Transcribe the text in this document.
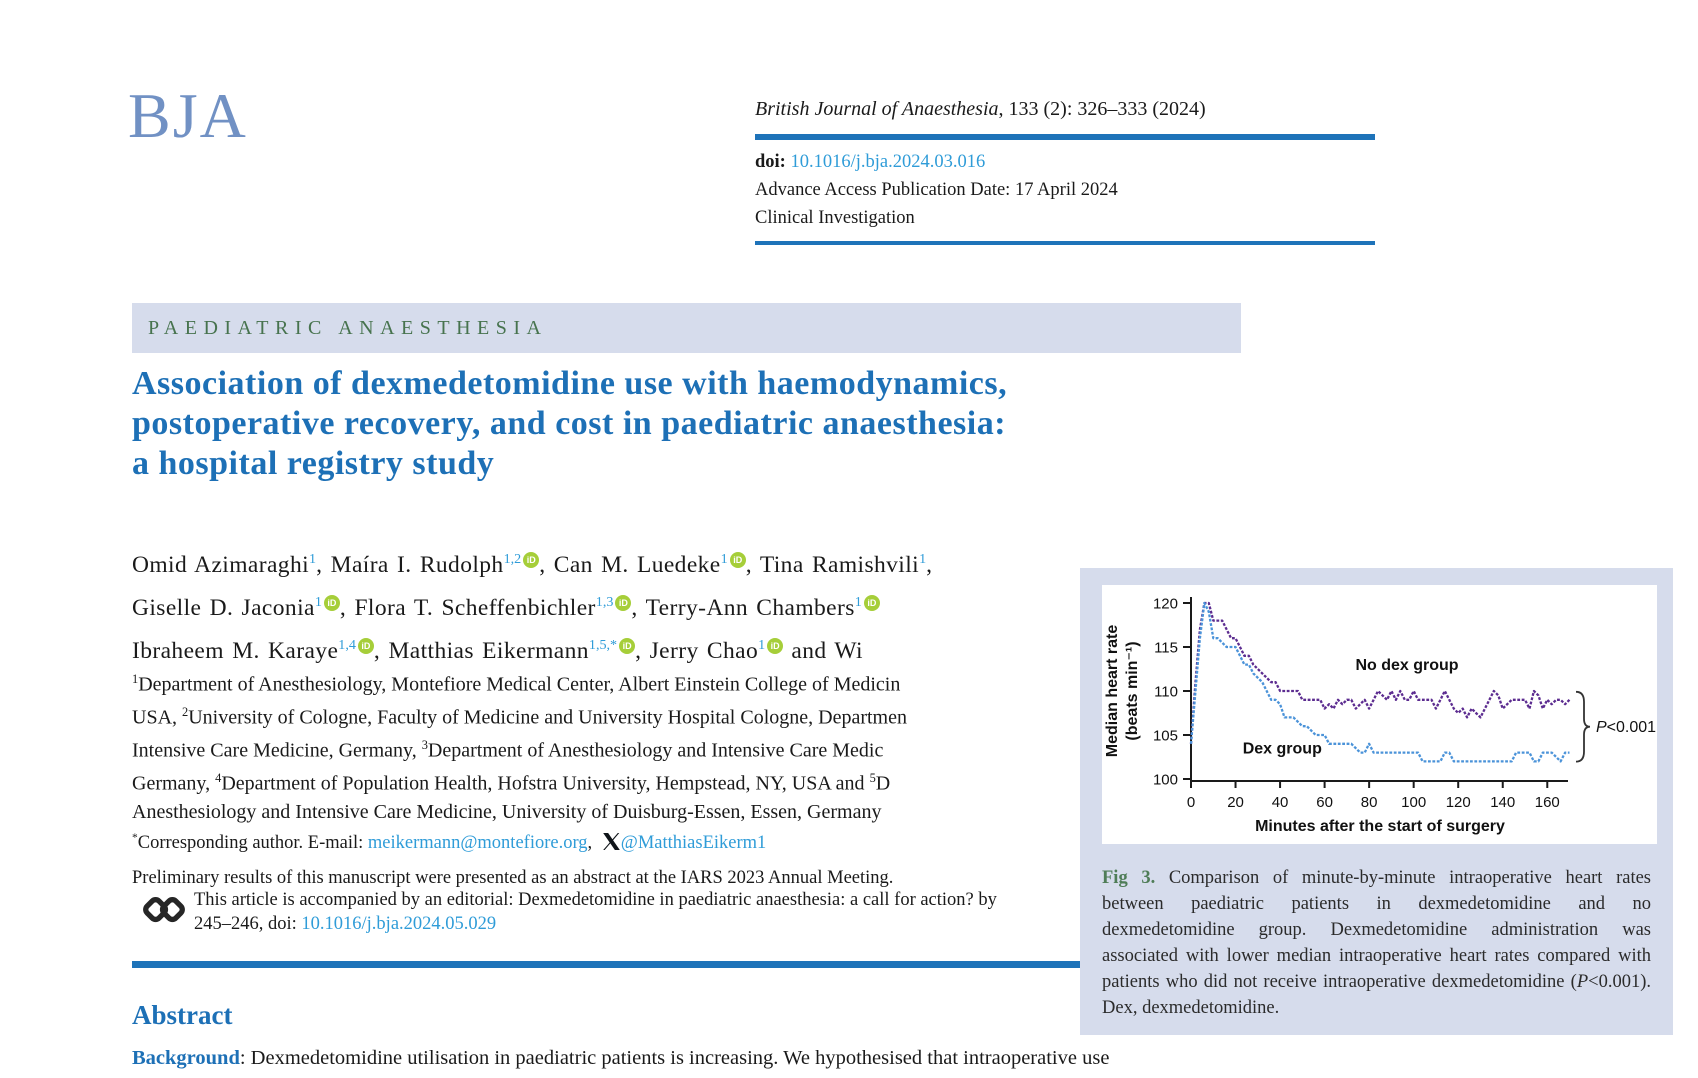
BJA	British Journal of Anaesthesia, 133 (2): 326–333 (2024)
doi: 10.1016/j.bja.2024.03.016
Advance Access Publication Date: 17 April 2024
Clinical Investigation
PAEDIATRIC ANAESTHESIA
Association of dexmedetomidine use with haemodynamics,
postoperative recovery, and cost in paediatric anaesthesia:
a hospital registry study
Omid Azimaraghi$^1$, Maíra I. Rudolph$^{1,2}$ iD , Can M. Luedeke$^1$ iD , Tina Ramishvili$^1$,
Giselle D. Jaconia$^1$ iD , Flora T. Scheffenbichler$^{1,3}$ iD , Terry-Ann Chambers$^1$ iD
Ibraheem M. Karaye$^{1,4}$ iD , Matthias Eikermann$^{1,5,*}$ iD , Jerry Chao$^1$ iD and Wi
$^1$Department of Anesthesiology, Montefiore Medical Center, Albert Einstein College of Medicin
USA, $^2$University of Cologne, Faculty of Medicine and University Hospital Cologne, Departmen
Intensive Care Medicine, Germany, $^3$Department of Anesthesiology and Intensive Care Medic
Germany, $^4$Department of Population Health, Hofstra University, Hempstead, NY, USA and $^5$D
Anesthesiology and Intensive Care Medicine, University of Duisburg-Essen, Essen, Germany
*Corresponding author. E-mail: meikermann@montefiore.org, @MatthiasEikerm1
Preliminary results of this manuscript were presented as an abstract at the IARS 2023 Annual Meeting.
This article is accompanied by an editorial: Dexmedetomidine in paediatric anaesthesia: a call for action? by
245–246, doi: 10.1016/j.bja.2024.05.029
Abstract
Background: Dexmedetomidine utilisation in paediatric patients is increasing. We hypothesised that intraoperative use
100
105
110
115
120
0 20 40 60 80 100 120 140 160
Median heart rate (beats min⁻¹)
Minutes after the start of surgery
No dex group
Dex group
P<0.001
Fig 3. Comparison of minute-by-minute intraoperative heart rates between paediatric patients in dexmedetomidine and no dexmedetomidine group. Dexmedetomidine administration was associated with lower median intraoperative heart rates compared with patients who did not receive intraoperative dexmedetomidine (P<0.001). Dex, dexmedetomidine.
